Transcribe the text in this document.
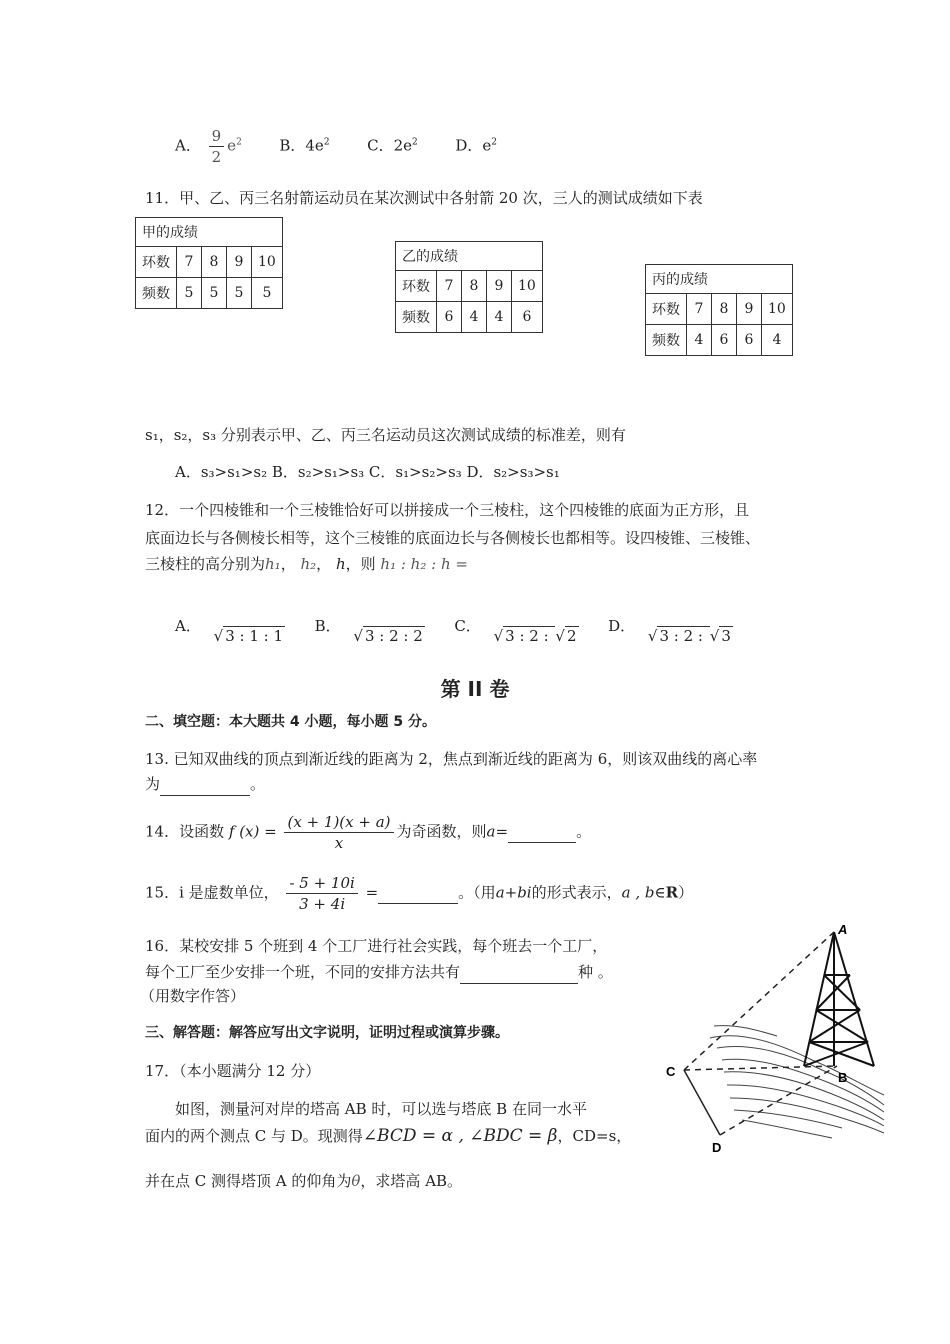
A． $\frac{9}{2} e^2$	B．$4e^2$	C．$2e^2$	D．$e^2$
11．甲、乙、丙三名射箭运动员在某次测试中各射箭 20 次，三人的测试成绩如下表
甲的成绩				
环数	7	8	9	10
频数	5	5	5	5
乙的成绩				
环数	7	8	9	10
频数	6	4	4	6
丙的成绩				
环数	7	8	9	10
频数	4	6	6	4
s₁，s₂，s₃ 分别表示甲、乙、丙三名运动员这次测试成绩的标准差，则有
A．s₃>s₁>s₂ B．s₂>s₁>s₃ C．s₁>s₂>s₃ D．s₂>s₃>s₁
12．一个四棱锥和一个三棱锥恰好可以拼接成一个三棱柱，这个四棱锥的底面为正方形，且
底面边长与各侧棱长相等，这个三棱锥的底面边长与各侧棱长也都相等。设四棱锥、三棱锥、
三棱柱的高分别为h₁， h₂， h，则 h₁ : h₂ : h =
A． √ 3 : 1 : 1  B． √ 3 : 2 : 2  C． √ 3 : 2 : √ 2  D． √ 3 : 2 : √ 3
第 II 卷
二、填空题：本大题共 4 小题，每小题 5 分。
13. 已知双曲线的顶点到渐近线的距离为 2，焦点到渐近线的距离为 6，则该双曲线的离心率
为	。
14．设函数 f $(x) = \frac{(x + 1)(x + a)}{x}$ 为奇函数，则a=	。
15．i 是虚数单位， $\frac{- 5 + 10i}{3 + 4i}$ =	。（用a+bi的形式表示，a , b∈R）
16．某校安排 5 个班到 4 个工厂进行社会实践，每个班去一个工厂，
每个工厂至少安排一个班，不同的安排方法共有	种 。
（用数字作答）
三、解答题：解答应写出文字说明，证明过程或演算步骤。
17．（本小题满分 12 分）
如图，测量河对岸的塔高 AB 时，可以选与塔底 B 在同一水平
面内的两个测点 C 与 D。现测得∠BCD = α , ∠BDC = β，CD=s，
并在点 C 测得塔顶 A 的仰角为θ，求塔高 AB。
A
B
C
D
